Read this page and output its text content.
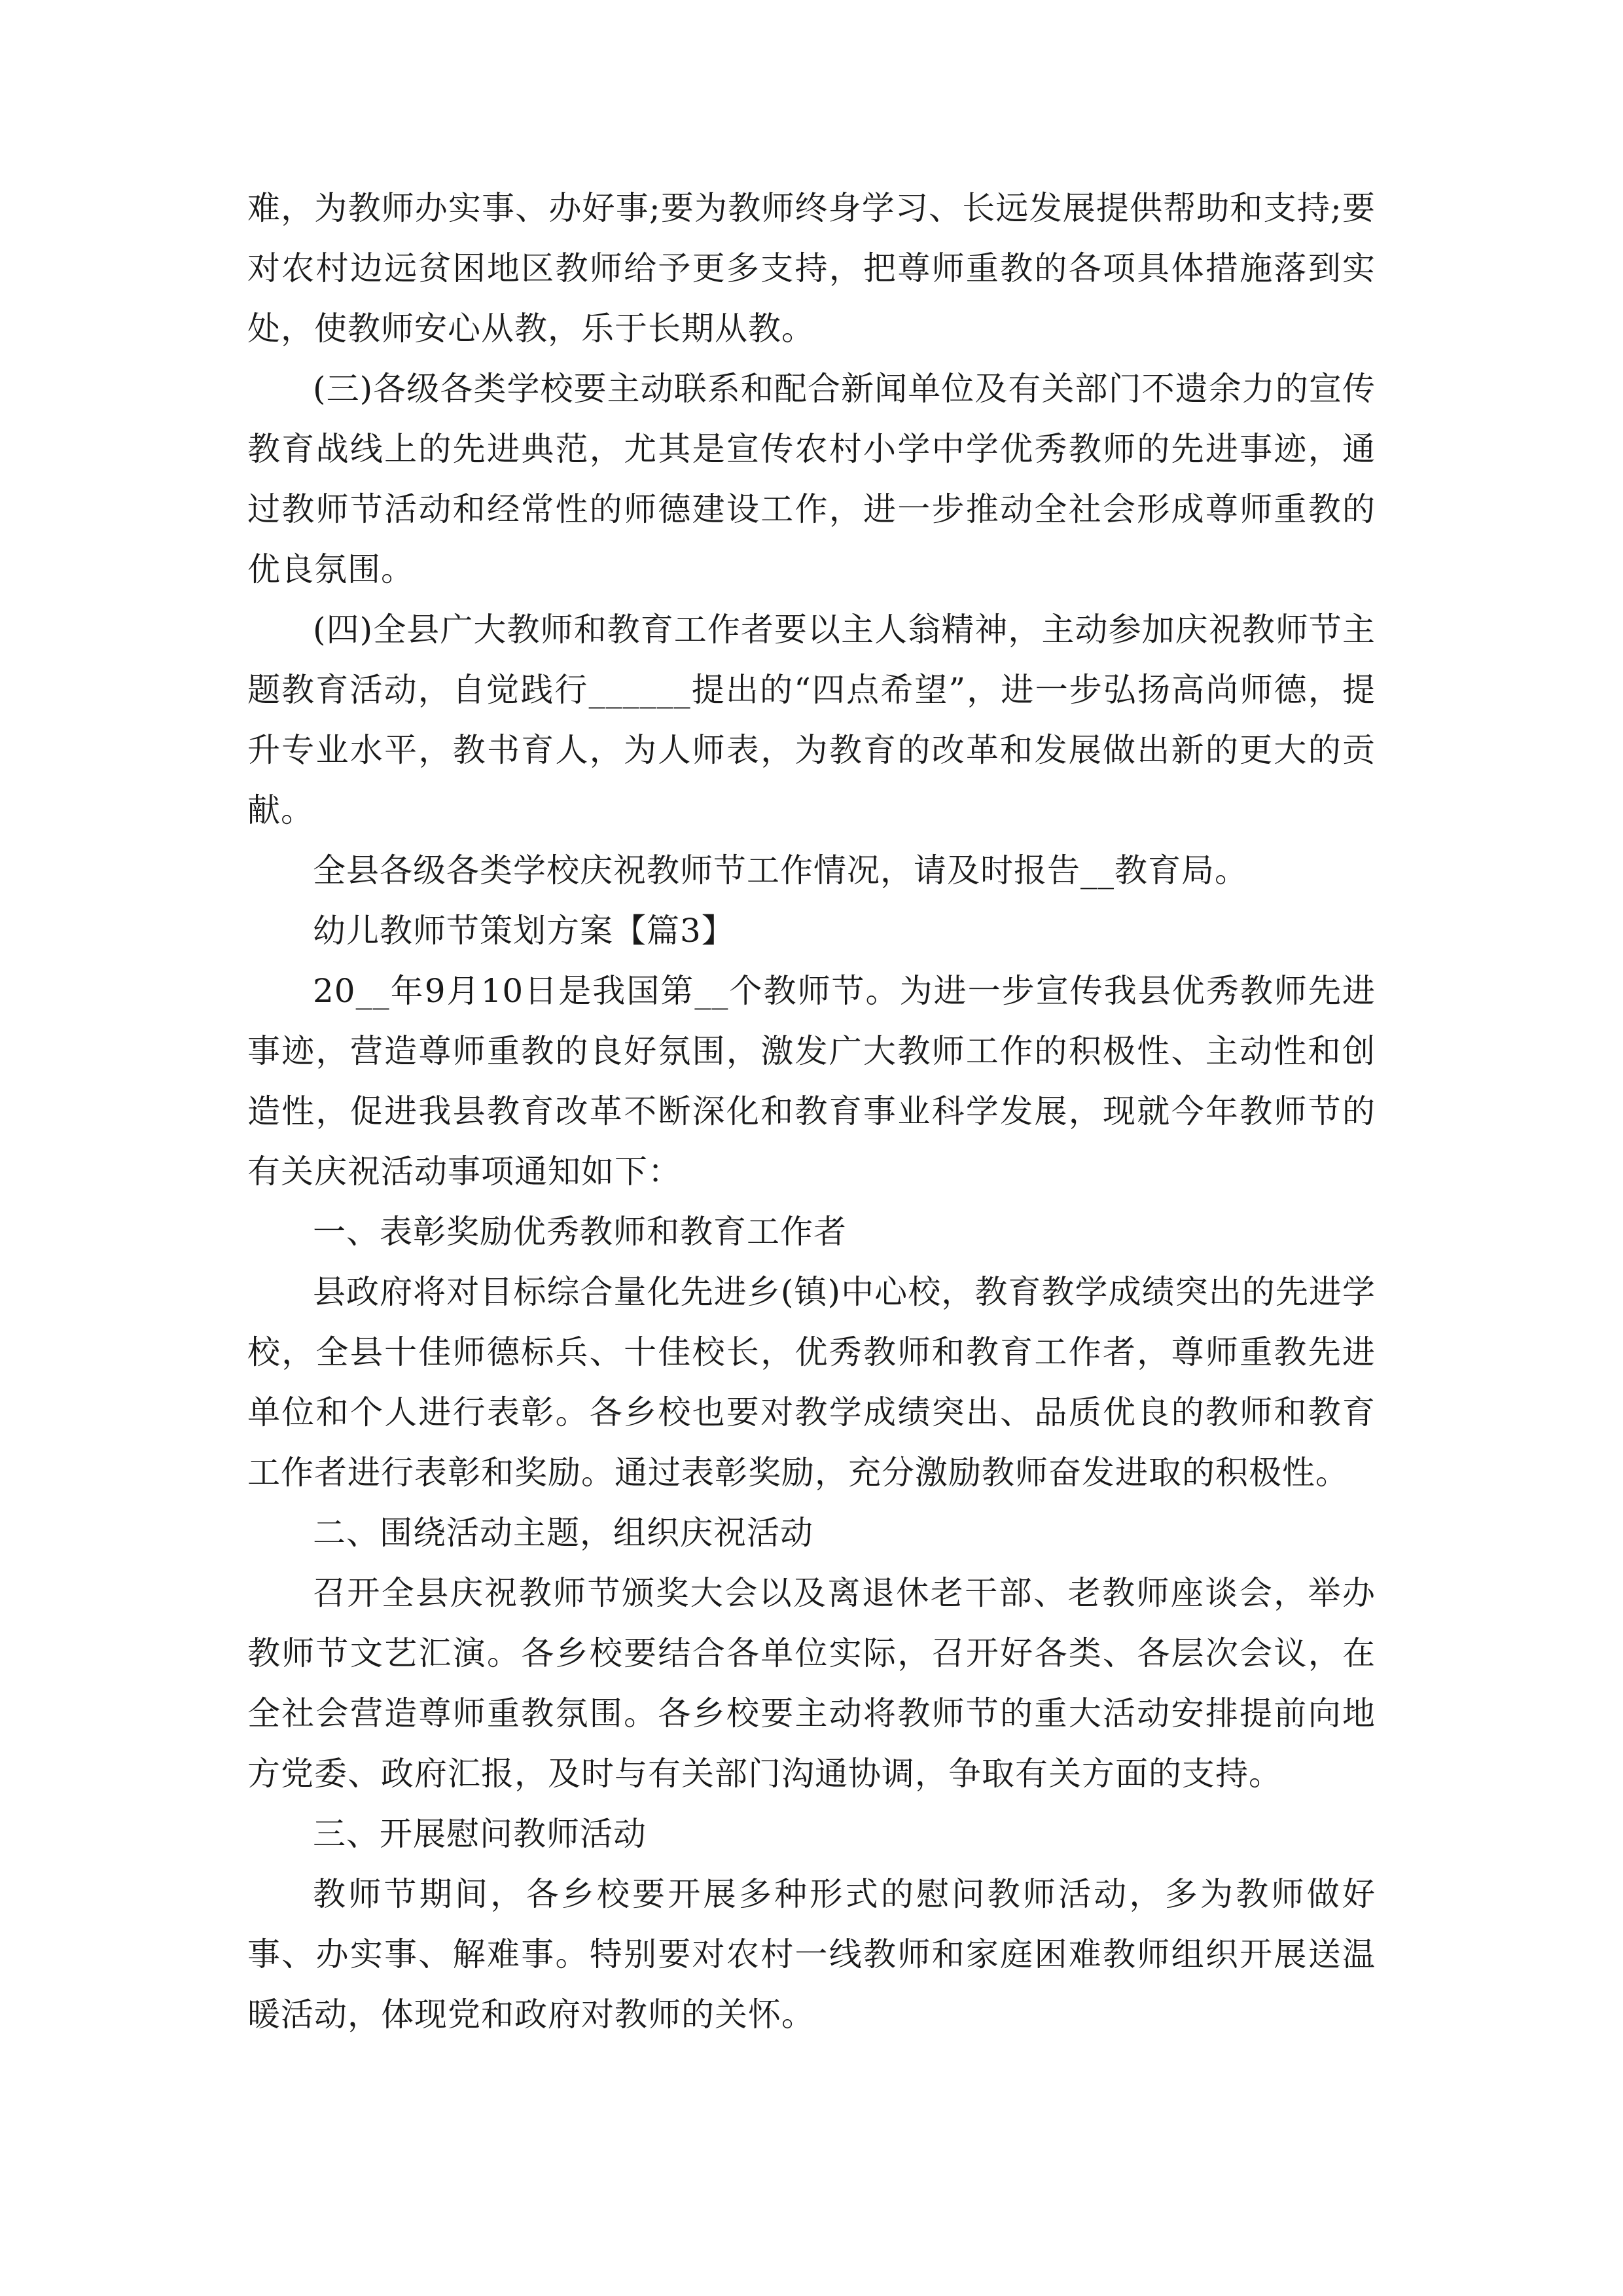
难，为教师办实事、办好事;要为教师终身学习、长远发展提供帮助和支持;要对农村边远贫困地区教师给予更多支持，把尊师重教的各项具体措施落到实处，使教师安心从教，乐于长期从教。

(三)各级各类学校要主动联系和配合新闻单位及有关部门不遗余力的宣传教育战线上的先进典范，尤其是宣传农村小学中学优秀教师的先进事迹，通过教师节活动和经常性的师德建设工作，进一步推动全社会形成尊师重教的优良氛围。

(四)全县广大教师和教育工作者要以主人翁精神，主动参加庆祝教师节主题教育活动，自觉践行______提出的“四点希望”，进一步弘扬高尚师德，提升专业水平，教书育人，为人师表，为教育的改革和发展做出新的更大的贡献。

全县各级各类学校庆祝教师节工作情况，请及时报告__教育局。

幼儿教师节策划方案【篇3】

20__年9月10日是我国第__个教师节。为进一步宣传我县优秀教师先进事迹，营造尊师重教的良好氛围，激发广大教师工作的积极性、主动性和创造性，促进我县教育改革不断深化和教育事业科学发展，现就今年教师节的有关庆祝活动事项通知如下：

一、表彰奖励优秀教师和教育工作者

县政府将对目标综合量化先进乡(镇)中心校，教育教学成绩突出的先进学校，全县十佳师德标兵、十佳校长，优秀教师和教育工作者，尊师重教先进单位和个人进行表彰。各乡校也要对教学成绩突出、品质优良的教师和教育工作者进行表彰和奖励。通过表彰奖励，充分激励教师奋发进取的积极性。

二、围绕活动主题，组织庆祝活动

召开全县庆祝教师节颁奖大会以及离退休老干部、老教师座谈会，举办教师节文艺汇演。各乡校要结合各单位实际，召开好各类、各层次会议，在全社会营造尊师重教氛围。各乡校要主动将教师节的重大活动安排提前向地方党委、政府汇报，及时与有关部门沟通协调，争取有关方面的支持。

三、开展慰问教师活动

教师节期间，各乡校要开展多种形式的慰问教师活动，多为教师做好事、办实事、解难事。特别要对农村一线教师和家庭困难教师组织开展送温暖活动，体现党和政府对教师的关怀。
